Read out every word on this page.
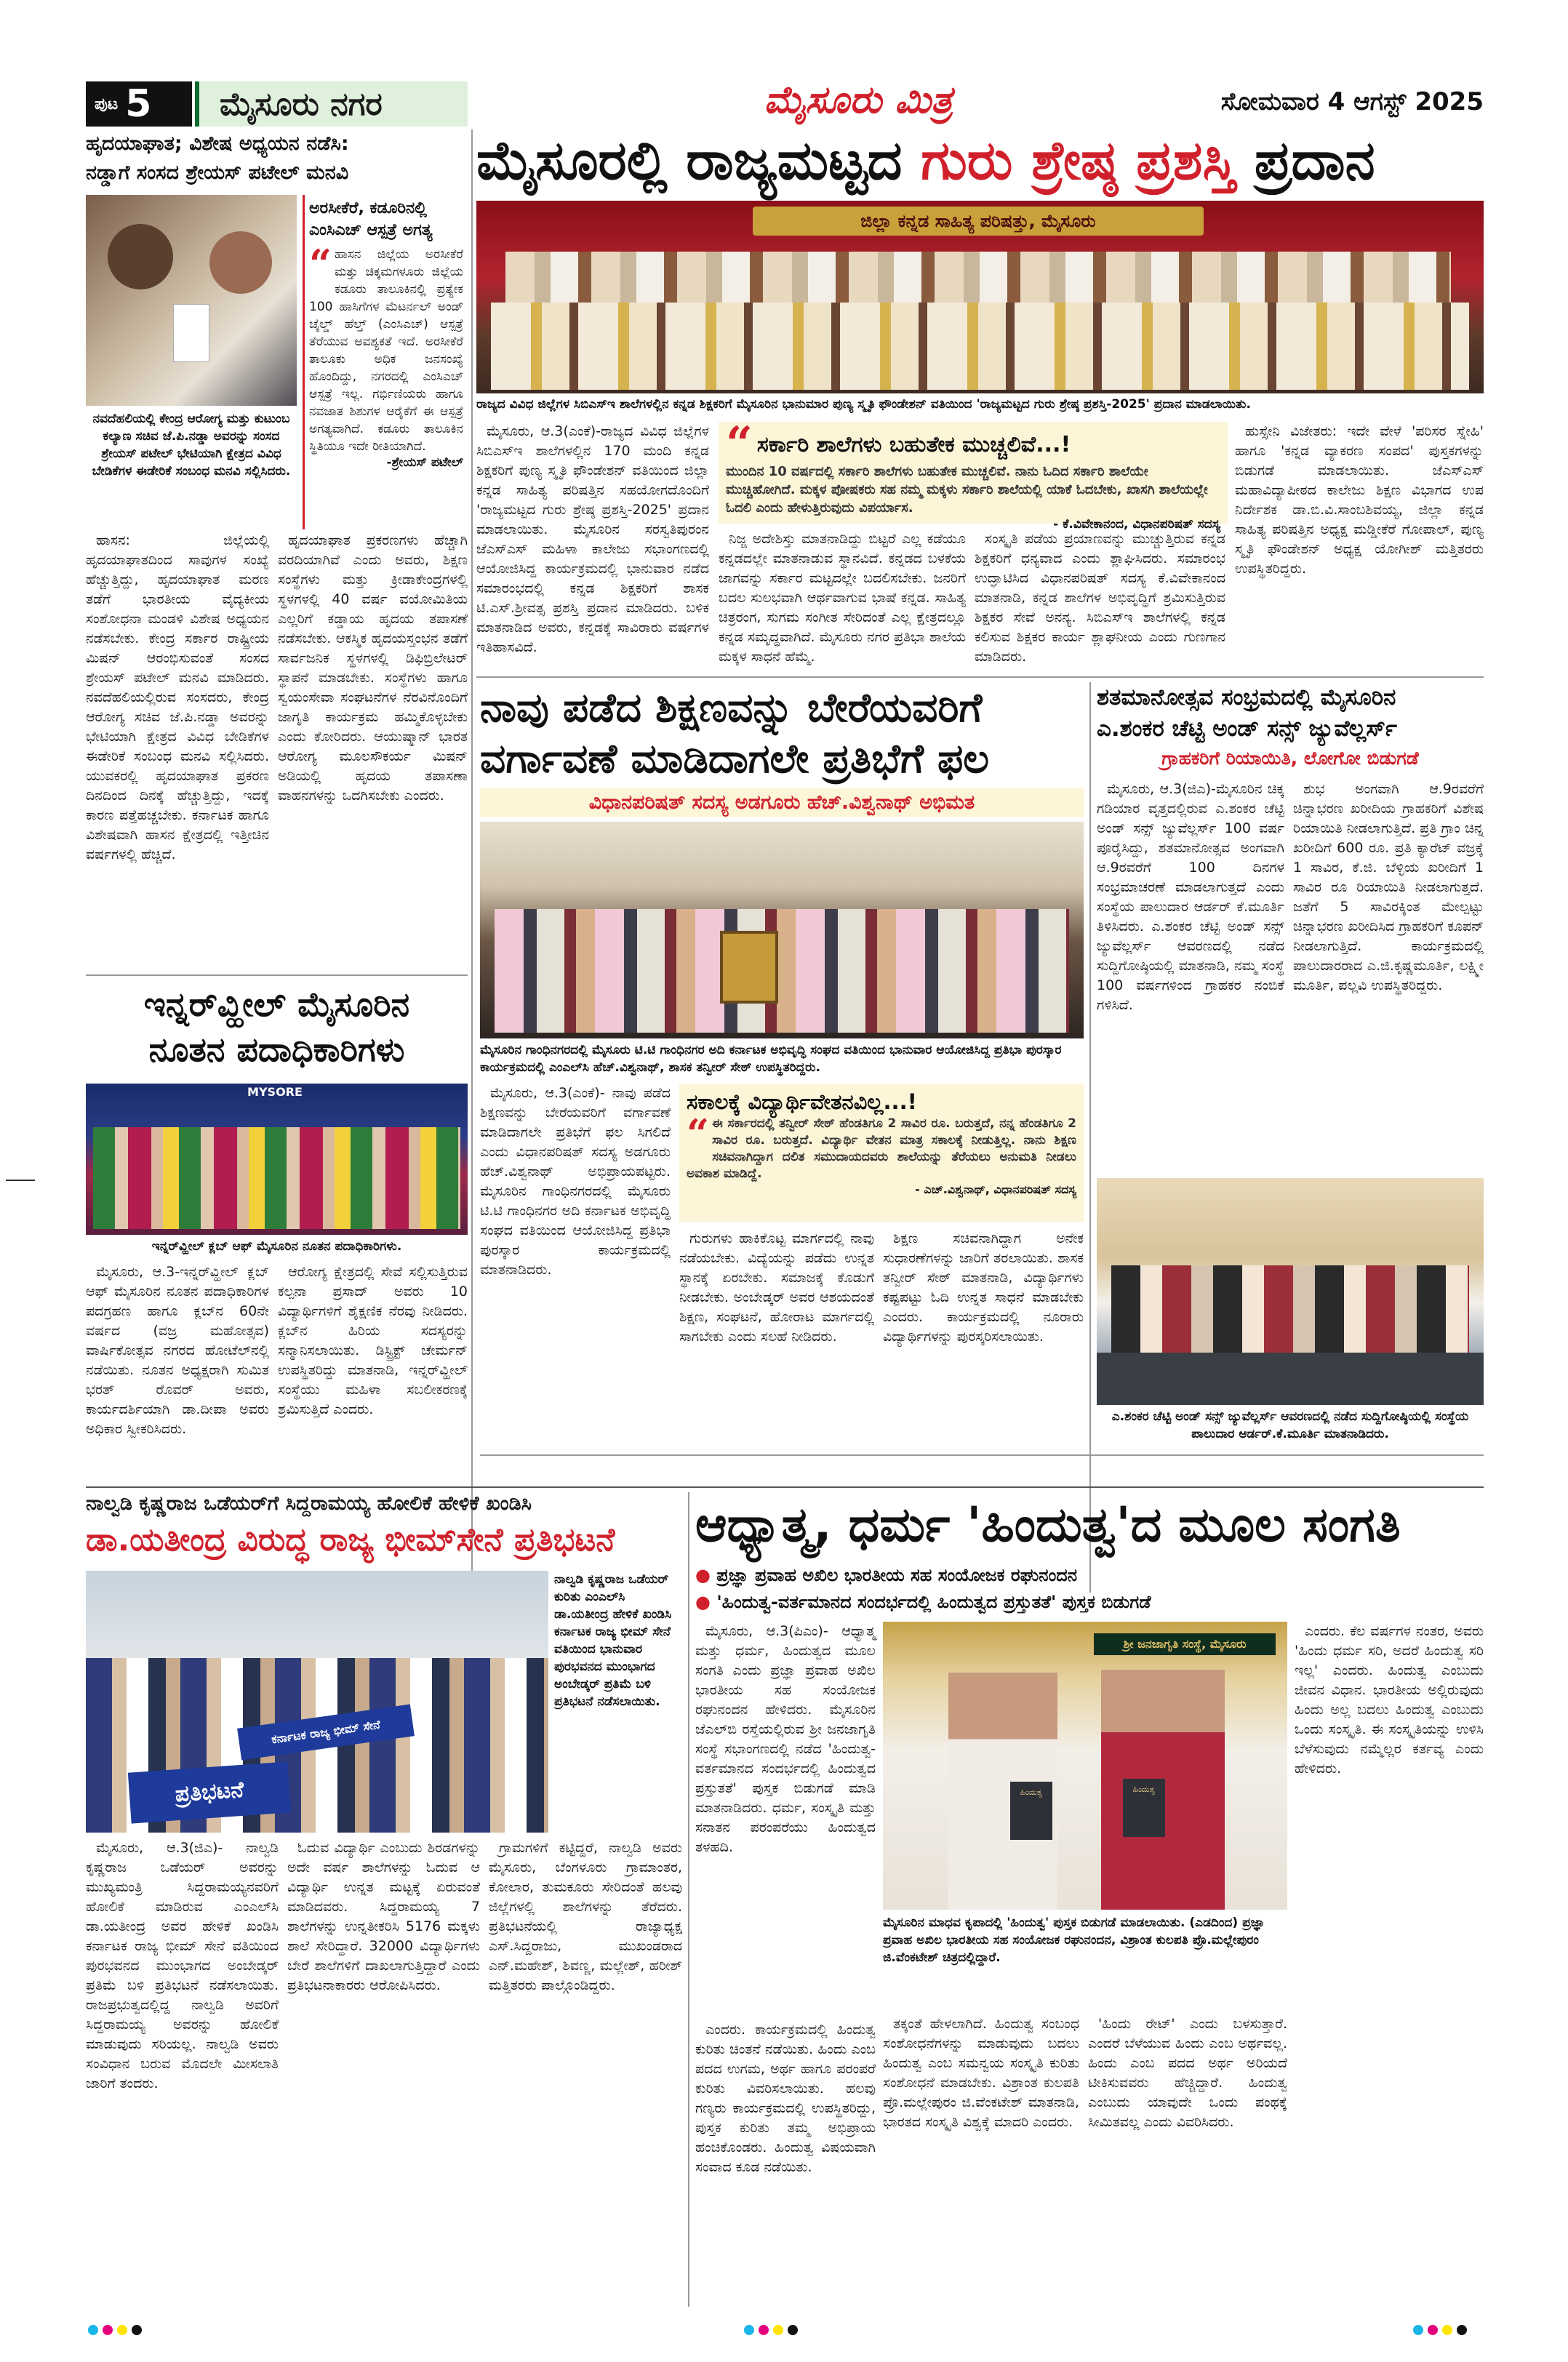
ಪುಟ 5 ಮೈಸೂರು ನಗರ	ಮೈಸೂರು ಮಿತ್ರ	ಸೋಮವಾರ 4 ಆಗಸ್ಟ್ 2025
ಮೈಸೂರಲ್ಲಿ ರಾಜ್ಯಮಟ್ಟದ ಗುರು ಶ್ರೇಷ್ಠ ಪ್ರಶಸ್ತಿ ಪ್ರದಾನ
ಜಿಲ್ಲಾ ಕನ್ನಡ ಸಾಹಿತ್ಯ ಪರಿಷತ್ತು, ಮೈಸೂರು
ರಾಜ್ಯದ ವಿವಿಧ ಜಿಲ್ಲೆಗಳ ಸಿಬಿಎಸ್‌ಇ ಶಾಲೆಗಳಲ್ಲಿನ ಕನ್ನಡ ಶಿಕ್ಷಕರಿಗೆ ಮೈಸೂರಿನ ಭಾನುಮಾರ ಪುಣ್ಯ ಸ್ಮೃತಿ ಫೌಂಡೇಶನ್ ವತಿಯಿಂದ 'ರಾಜ್ಯಮಟ್ಟದ ಗುರು ಶ್ರೇಷ್ಠ ಪ್ರಶಸ್ತಿ-2025' ಪ್ರದಾನ ಮಾಡಲಾಯಿತು.

ಮೈಸೂರು, ಆ.3(ಎಂಕೆ)-ರಾಜ್ಯದ ವಿವಿಧ ಜಿಲ್ಲೆಗಳ ಸಿಬಿಎಸ್‌ಇ ಶಾಲೆಗಳಲ್ಲಿನ 170 ಮಂದಿ ಕನ್ನಡ ಶಿಕ್ಷಕರಿಗೆ ಪುಣ್ಯ ಸ್ಮೃತಿ ಫೌಂಡೇಶನ್ ವತಿಯಿಂದ ಜಿಲ್ಲಾ ಕನ್ನಡ ಸಾಹಿತ್ಯ ಪರಿಷತ್ತಿನ ಸಹಯೋಗದೊಂದಿಗೆ 'ರಾಜ್ಯಮಟ್ಟದ ಗುರು ಶ್ರೇಷ್ಠ ಪ್ರಶಸ್ತಿ-2025' ಪ್ರದಾನ ಮಾಡಲಾಯಿತು. ಮೈಸೂರಿನ ಸರಸ್ವತಿಪುರಂನ ಜೆಎಸ್‌ಎಸ್ ಮಹಿಳಾ ಕಾಲೇಜು ಸಭಾಂಗಣದಲ್ಲಿ ಆಯೋಜಿಸಿದ್ದ ಕಾರ್ಯಕ್ರಮದಲ್ಲಿ ಭಾನುವಾರ ನಡೆದ ಸಮಾರಂಭದಲ್ಲಿ ಕನ್ನಡ ಶಿಕ್ಷಕರಿಗೆ ಶಾಸಕ ಟಿ.ಎಸ್.ಶ್ರೀವತ್ಸ ಪ್ರಶಸ್ತಿ ಪ್ರದಾನ ಮಾಡಿದರು. ಬಳಿಕ ಮಾತನಾಡಿದ ಅವರು, ಕನ್ನಡಕ್ಕೆ ಸಾವಿರಾರು ವರ್ಷಗಳ ಇತಿಹಾಸವಿದೆ.

“ ಸರ್ಕಾರಿ ಶಾಲೆಗಳು ಬಹುತೇಕ ಮುಚ್ಚಲಿವೆ...!
ಮುಂದಿನ 10 ವರ್ಷದಲ್ಲಿ ಸರ್ಕಾರಿ ಶಾಲೆಗಳು ಬಹುತೇಕ ಮುಚ್ಚಲಿವೆ. ನಾನು ಓದಿದ ಸರ್ಕಾರಿ ಶಾಲೆಯೇ ಮುಚ್ಚಿಹೋಗಿದೆ. ಮಕ್ಕಳ ಪೋಷಕರು ಸಹ ನಮ್ಮ ಮಕ್ಕಳು ಸರ್ಕಾರಿ ಶಾಲೆಯಲ್ಲಿ ಯಾಕೆ ಓದಬೇಕು, ಖಾಸಗಿ ಶಾಲೆಯಲ್ಲೇ ಓದಲಿ ಎಂದು ಹೇಳುತ್ತಿರುವುದು ವಿಪರ್ಯಾಸ.
- ಕೆ.ವಿವೇಕಾನಂದ, ವಿಧಾನಪರಿಷತ್ ಸದಸ್ಯ

ನಿಜ್ಜ ಅದೇಶಿಸ್ತು ಮಾತನಾಡಿದ್ದು ಬಿಟ್ಟರೆ ಎಲ್ಲ ಕಡೆಯೂ ಕನ್ನಡದಲ್ಲೇ ಮಾತನಾಡುವ ಸ್ಥಾನವಿದೆ. ಕನ್ನಡದ ಬಳಕೆಯ ಜಾಗವನ್ನು ಸರ್ಕಾರ ಮಟ್ಟದಲ್ಲೇ ಬದಲಿಸಬೇಕು. ಜನರಿಗೆ ಬದಲ ಸುಲಭವಾಗಿ ಆರ್ಥವಾಗುವ ಭಾಷೆ ಕನ್ನಡ. ಸಾಹಿತ್ಯ ಚಿತ್ರರಂಗ, ಸುಗಮ ಸಂಗೀತ ಸೇರಿದಂತೆ ಎಲ್ಲ ಕ್ಷೇತ್ರದಲ್ಲೂ ಕನ್ನಡ ಸಮೃದ್ಧವಾಗಿದೆ. ಮೈಸೂರು ನಗರ ಪ್ರತಿಭಾ ಶಾಲೆಯ ಮಕ್ಕಳ ಸಾಧನೆ ಹೆಮ್ಮೆ.

ಸಂಸ್ಕೃತಿ ಪಡೆಯ ಪ್ರಯಾಣವನ್ನು ಮುಚ್ಚುತ್ತಿರುವ ಕನ್ನಡ ಶಿಕ್ಷಕರಿಗೆ ಧನ್ಯವಾದ ಎಂದು ಶ್ಲಾಘಿಸಿದರು. ಸಮಾರಂಭ ಉದ್ಘಾಟಿಸಿದ ವಿಧಾನಪರಿಷತ್ ಸದಸ್ಯ ಕೆ.ವಿವೇಕಾನಂದ ಮಾತನಾಡಿ, ಕನ್ನಡ ಶಾಲೆಗಳ ಅಭಿವೃದ್ಧಿಗೆ ಶ್ರಮಿಸುತ್ತಿರುವ ಶಿಕ್ಷಕರ ಸೇವೆ ಅನನ್ಯ. ಸಿಬಿಎಸ್‌ಇ ಶಾಲೆಗಳಲ್ಲಿ ಕನ್ನಡ ಕಲಿಸುವ ಶಿಕ್ಷಕರ ಕಾರ್ಯ ಶ್ಲಾಘನೀಯ ಎಂದು ಗುಣಗಾನ ಮಾಡಿದರು.

ಹುಸ್ಸೇನಿ ವಿಜೇತರು: ಇದೇ ವೇಳೆ 'ಪರಿಸರ ಸ್ನೇಹಿ' ಹಾಗೂ 'ಕನ್ನಡ ವ್ಯಾಕರಣ ಸಂಪದ' ಪುಸ್ತಕಗಳನ್ನು ಬಿಡುಗಡೆ ಮಾಡಲಾಯಿತು. ಜೆಎಸ್‌ಎಸ್ ಮಹಾವಿದ್ಯಾಪೀಠದ ಕಾಲೇಜು ಶಿಕ್ಷಣ ವಿಭಾಗದ ಉಪ ನಿರ್ದೇಶಕ ಡಾ.ಬಿ.ವಿ.ಸಾಂಬಶಿವಯ್ಯ, ಜಿಲ್ಲಾ ಕನ್ನಡ ಸಾಹಿತ್ಯ ಪರಿಷತ್ತಿನ ಅಧ್ಯಕ್ಷ ಮಡ್ಡೀಕೆರೆ ಗೋಪಾಲ್, ಪುಣ್ಯ ಸ್ಮೃತಿ ಫೌಂಡೇಶನ್ ಅಧ್ಯಕ್ಷ ಯೋಗೀಶ್ ಮತ್ತಿತರರು ಉಪಸ್ಥಿತರಿದ್ದರು.

ಹೃದಯಾಘಾತ; ವಿಶೇಷ ಅಧ್ಯಯನ ನಡೆಸಿ:
ನಡ್ಡಾಗೆ ಸಂಸದ ಶ್ರೇಯಸ್ ಪಟೇಲ್ ಮನವಿ
ನವದೆಹಲಿಯಲ್ಲಿ ಕೇಂದ್ರ ಆರೋಗ್ಯ ಮತ್ತು ಕುಟುಂಬ ಕಲ್ಯಾಣ ಸಚಿವ ಜೆ.ಪಿ.ನಡ್ಡಾ ಅವರನ್ನು ಸಂಸದ ಶ್ರೇಯಸ್ ಪಟೇಲ್ ಭೇಟಿಯಾಗಿ ಕ್ಷೇತ್ರದ ವಿವಿಧ ಬೇಡಿಕೆಗಳ ಈಡೇರಿಕೆ ಸಂಬಂಧ ಮನವಿ ಸಲ್ಲಿಸಿದರು.
ಅರಸೀಕೆರೆ, ಕಡೂರಿನಲ್ಲಿ ಎಂಸಿಎಚ್ ಆಸ್ಪತ್ರೆ ಅಗತ್ಯ
“ ಹಾಸನ ಜಿಲ್ಲೆಯ ಅರಸೀಕೆರೆ ಮತ್ತು ಚಿಕ್ಕಮಗಳೂರು ಜಿಲ್ಲೆಯ ಕಡೂರು ತಾಲೂಕಿನಲ್ಲಿ ಪ್ರತ್ಯೇಕ 100 ಹಾಸಿಗೆಗಳ ಮೆಟರ್ನಲ್ ಅಂಡ್ ಚೈಲ್ಡ್ ಹೆಲ್ತ್ (ಎಂಸಿಎಚ್) ಆಸ್ಪತ್ರೆ ತೆರೆಯುವ ಅವಶ್ಯಕತೆ ಇದೆ. ಅರಸೀಕೆರೆ ತಾಲೂಕು ಅಧಿಕ ಜನಸಂಖ್ಯೆ ಹೊಂದಿದ್ದು, ನಗರದಲ್ಲಿ ಎಂಸಿಎಚ್ ಆಸ್ಪತ್ರೆ ಇಲ್ಲ. ಗರ್ಭಿಣಿಯರು ಹಾಗೂ ನವಜಾತ ಶಿಶುಗಳ ಆರೈಕೆಗೆ ಈ ಆಸ್ಪತ್ರೆ ಅಗತ್ಯವಾಗಿದೆ. ಕಡೂರು ತಾಲೂಕಿನ ಸ್ಥಿತಿಯೂ ಇದೇ ರೀತಿಯಾಗಿದೆ.
-ಶ್ರೇಯಸ್ ಪಟೇಲ್

ಹಾಸನ: ಜಿಲ್ಲೆಯಲ್ಲಿ ಹೃದಯಾಘಾತದಿಂದ ಸಾವುಗಳ ಸಂಖ್ಯೆ ಹೆಚ್ಚುತ್ತಿದ್ದು, ಹೃದಯಾಘಾತ ಮರಣ ತಡೆಗೆ ಭಾರತೀಯ ವೈದ್ಯಕೀಯ ಸಂಶೋಧನಾ ಮಂಡಳಿ ವಿಶೇಷ ಅಧ್ಯಯನ ನಡೆಸಬೇಕು. ಕೇಂದ್ರ ಸರ್ಕಾರ ರಾಷ್ಟ್ರೀಯ ಮಿಷನ್ ಆರಂಭಿಸುವಂತೆ ಸಂಸದ ಶ್ರೇಯಸ್ ಪಟೇಲ್ ಮನವಿ ಮಾಡಿದರು. ನವದೆಹಲಿಯಲ್ಲಿರುವ ಸಂಸದರು, ಕೇಂದ್ರ ಆರೋಗ್ಯ ಸಚಿವ ಜೆ.ಪಿ.ನಡ್ಡಾ ಅವರನ್ನು ಭೇಟಿಯಾಗಿ ಕ್ಷೇತ್ರದ ವಿವಿಧ ಬೇಡಿಕೆಗಳ ಈಡೇರಿಕೆ ಸಂಬಂಧ ಮನವಿ ಸಲ್ಲಿಸಿದರು. ಯುವಕರಲ್ಲಿ ಹೃದಯಾಘಾತ ಪ್ರಕರಣ ದಿನದಿಂದ ದಿನಕ್ಕೆ ಹೆಚ್ಚುತ್ತಿದ್ದು, ಇದಕ್ಕೆ ಕಾರಣ ಪತ್ತೆಹಚ್ಚಬೇಕು. ಕರ್ನಾಟಕ ಹಾಗೂ ವಿಶೇಷವಾಗಿ ಹಾಸನ ಕ್ಷೇತ್ರದಲ್ಲಿ ಇತ್ತೀಚಿನ ವರ್ಷಗಳಲ್ಲಿ ಹೆಚ್ಚಿದೆ.

ಹೃದಯಾಘಾತ ಪ್ರಕರಣಗಳು ಹೆಚ್ಚಾಗಿ ವರದಿಯಾಗಿವೆ ಎಂದು ಅವರು, ಶಿಕ್ಷಣ ಸಂಸ್ಥೆಗಳು ಮತ್ತು ಕ್ರೀಡಾಕೇಂದ್ರಗಳಲ್ಲಿ ಸ್ಥಳಗಳಲ್ಲಿ 40 ವರ್ಷ ವಯೋಮಿತಿಯ ಎಲ್ಲರಿಗೆ ಕಡ್ಡಾಯ ಹೃದಯ ತಪಾಸಣೆ ನಡೆಸಬೇಕು. ಆಕಸ್ಮಿಕ ಹೃದಯಸ್ತಂಭನ ತಡೆಗೆ ಸಾರ್ವಜನಿಕ ಸ್ಥಳಗಳಲ್ಲಿ ಡಿಫಿಬ್ರಿಲೇಟರ್ ಸ್ಥಾಪನೆ ಮಾಡಬೇಕು. ಸಂಸ್ಥೆಗಳು ಹಾಗೂ ಸ್ವಯಂಸೇವಾ ಸಂಘಟನೆಗಳ ನೆರವಿನೊಂದಿಗೆ ಜಾಗೃತಿ ಕಾರ್ಯಕ್ರಮ ಹಮ್ಮಿಕೊಳ್ಳಬೇಕು ಎಂದು ಕೋರಿದರು. ಆಯುಷ್ಮಾನ್ ಭಾರತ ಆರೋಗ್ಯ ಮೂಲಸೌಕರ್ಯ ಮಿಷನ್ ಅಡಿಯಲ್ಲಿ ಹೃದಯ ತಪಾಸಣಾ ವಾಹನಗಳನ್ನು ಒದಗಿಸಬೇಕು ಎಂದರು.

ಇನ್ನರ್‌ವ್ಹೀಲ್ ಮೈಸೂರಿನ
ನೂತನ ಪದಾಧಿಕಾರಿಗಳು
MYSORE
ಇನ್ನರ್‌ವ್ಹೀಲ್ ಕ್ಲಬ್ ಆಫ್ ಮೈಸೂರಿನ ನೂತನ ಪದಾಧಿಕಾರಿಗಳು.

ಮೈಸೂರು, ಆ.3-ಇನ್ನರ್‌ವ್ಹೀಲ್ ಕ್ಲಬ್ ಆಫ್ ಮೈಸೂರಿನ ನೂತನ ಪದಾಧಿಕಾರಿಗಳ ಪದಗ್ರಹಣ ಹಾಗೂ ಕ್ಲಬ್‌ನ 60ನೇ ವರ್ಷದ (ವಜ್ರ ಮಹೋತ್ಸವ) ವಾರ್ಷಿಕೋತ್ಸವ ನಗರದ ಹೋಟೆಲ್‌ನಲ್ಲಿ ನಡೆಯಿತು. ನೂತನ ಅಧ್ಯಕ್ಷರಾಗಿ ಸುಮಿತ ಭರತ್ ರೊವರ್ ಅವರು, ಕಾರ್ಯದರ್ಶಿಯಾಗಿ ಡಾ.ದೀಪಾ ಅವರು ಅಧಿಕಾರ ಸ್ವೀಕರಿಸಿದರು.

ಆರೋಗ್ಯ ಕ್ಷೇತ್ರದಲ್ಲಿ ಸೇವೆ ಸಲ್ಲಿಸುತ್ತಿರುವ ಕಲ್ಪನಾ ಪ್ರಸಾದ್ ಅವರು 10 ವಿದ್ಯಾರ್ಥಿಗಳಿಗೆ ಶೈಕ್ಷಣಿಕ ನೆರವು ನೀಡಿದರು. ಕ್ಲಬ್‌ನ ಹಿರಿಯ ಸದಸ್ಯರನ್ನು ಸನ್ಮಾನಿಸಲಾಯಿತು. ಡಿಸ್ಟ್ರಿಕ್ಟ್ ಚೇರ್ಮನ್ ಉಪಸ್ಥಿತರಿದ್ದು ಮಾತನಾಡಿ, ಇನ್ನರ್‌ವ್ಹೀಲ್ ಸಂಸ್ಥೆಯು ಮಹಿಳಾ ಸಬಲೀಕರಣಕ್ಕೆ ಶ್ರಮಿಸುತ್ತಿದೆ ಎಂದರು.

ನಾವು ಪಡೆದ ಶಿಕ್ಷಣವನ್ನು ಬೇರೆಯವರಿಗೆ
ವರ್ಗಾವಣೆ ಮಾಡಿದಾಗಲೇ ಪ್ರತಿಭೆಗೆ ಫಲ
ವಿಧಾನಪರಿಷತ್ ಸದಸ್ಯ ಅಡಗೂರು ಹೆಚ್.ವಿಶ್ವನಾಥ್ ಅಭಿಮತ
ಮೈಸೂರಿನ ಗಾಂಧಿನಗರದಲ್ಲಿ ಮೈಸೂರು ಟಿ.ಟಿ ಗಾಂಧಿನಗರ ಅದಿ ಕರ್ನಾಟಕ ಅಭಿವೃದ್ಧಿ ಸಂಘದ ವತಿಯಿಂದ ಭಾನುವಾರ ಆಯೋಜಿಸಿದ್ದ ಪ್ರತಿಭಾ ಪುರಸ್ಕಾರ ಕಾರ್ಯಕ್ರಮದಲ್ಲಿ ಎಂಎಲ್‌ಸಿ ಹೆಚ್.ವಿಶ್ವನಾಥ್, ಶಾಸಕ ತನ್ವೀರ್ ಸೇಠ್ ಉಪಸ್ಥಿತರಿದ್ದರು.

ಮೈಸೂರು, ಆ.3(ಎಂಕೆ)- ನಾವು ಪಡೆದ ಶಿಕ್ಷಣವನ್ನು ಬೇರೆಯವರಿಗೆ ವರ್ಗಾವಣೆ ಮಾಡಿದಾಗಲೇ ಪ್ರತಿಭೆಗೆ ಫಲ ಸಿಗಲಿದೆ ಎಂದು ವಿಧಾನಪರಿಷತ್ ಸದಸ್ಯ ಅಡಗೂರು ಹೆಚ್.ವಿಶ್ವನಾಥ್ ಅಭಿಪ್ರಾಯಪಟ್ಟರು. ಮೈಸೂರಿನ ಗಾಂಧಿನಗರದಲ್ಲಿ ಮೈಸೂರು ಟಿ.ಟಿ ಗಾಂಧಿನಗರ ಅದಿ ಕರ್ನಾಟಕ ಅಭಿವೃದ್ಧಿ ಸಂಘದ ವತಿಯಿಂದ ಆಯೋಜಿಸಿದ್ದ ಪ್ರತಿಭಾ ಪುರಸ್ಕಾರ ಕಾರ್ಯಕ್ರಮದಲ್ಲಿ ಮಾತನಾಡಿದರು.

ಸಕಾಲಕ್ಕೆ ವಿದ್ಯಾರ್ಥಿವೇತನವಿಲ್ಲ...!
“ ಈ ಸರ್ಕಾರದಲ್ಲಿ ತನ್ವೀರ್ ಸೇಠ್ ಹೆಂಡತಿಗೂ 2 ಸಾವಿರ ರೂ. ಬರುತ್ತದೆ, ನನ್ನ ಹೆಂಡತಿಗೂ 2 ಸಾವಿರ ರೂ. ಬರುತ್ತದೆ. ವಿದ್ಯಾರ್ಥಿ ವೇತನ ಮಾತ್ರ ಸಕಾಲಕ್ಕೆ ನೀಡುತ್ತಿಲ್ಲ. ನಾನು ಶಿಕ್ಷಣ ಸಚಿವನಾಗಿದ್ದಾಗ ದಲಿತ ಸಮುದಾಯದವರು ಶಾಲೆಯನ್ನು ತೆರೆಯಲು ಅನುಮತಿ ನೀಡಲು ಅವಕಾಶ ಮಾಡಿದ್ದೆ.
- ಎಚ್.ವಿಶ್ವನಾಥ್, ವಿಧಾನಪರಿಷತ್ ಸದಸ್ಯ

ಗುರುಗಳು ಹಾಕಿಕೊಟ್ಟ ಮಾರ್ಗದಲ್ಲಿ ನಾವು ನಡೆಯಬೇಕು. ವಿದ್ಯೆಯನ್ನು ಪಡೆದು ಉನ್ನತ ಸ್ಥಾನಕ್ಕೆ ಏರಬೇಕು. ಸಮಾಜಕ್ಕೆ ಕೊಡುಗೆ ನೀಡಬೇಕು. ಅಂಬೇಡ್ಕರ್ ಅವರ ಆಶಯದಂತೆ ಶಿಕ್ಷಣ, ಸಂಘಟನೆ, ಹೋರಾಟ ಮಾರ್ಗದಲ್ಲಿ ಸಾಗಬೇಕು ಎಂದು ಸಲಹೆ ನೀಡಿದರು.

ಶಿಕ್ಷಣ ಸಚಿವನಾಗಿದ್ದಾಗ ಅನೇಕ ಸುಧಾರಣೆಗಳನ್ನು ಜಾರಿಗೆ ತರಲಾಯಿತು. ಶಾಸಕ ತನ್ವೀರ್ ಸೇಠ್ ಮಾತನಾಡಿ, ವಿದ್ಯಾರ್ಥಿಗಳು ಕಷ್ಟಪಟ್ಟು ಓದಿ ಉನ್ನತ ಸಾಧನೆ ಮಾಡಬೇಕು ಎಂದರು. ಕಾರ್ಯಕ್ರಮದಲ್ಲಿ ನೂರಾರು ವಿದ್ಯಾರ್ಥಿಗಳನ್ನು ಪುರಸ್ಕರಿಸಲಾಯಿತು.

ಶತಮಾನೋತ್ಸವ ಸಂಭ್ರಮದಲ್ಲಿ ಮೈಸೂರಿನ
ಎ.ಶಂಕರ ಚೆಟ್ಟಿ ಅಂಡ್ ಸನ್ಸ್ ಜ್ಯುವೆಲ್ಲರ್ಸ್
ಗ್ರಾಹಕರಿಗೆ ರಿಯಾಯಿತಿ, ಲೋಗೋ ಬಿಡುಗಡೆ

ಮೈಸೂರು, ಆ.3(ಜಿಎ)-ಮೈಸೂರಿನ ಚಿಕ್ಕ ಗಡಿಯಾರ ವೃತ್ತದಲ್ಲಿರುವ ಎ.ಶಂಕರ ಚೆಟ್ಟಿ ಅಂಡ್ ಸನ್ಸ್ ಜ್ಯುವೆಲ್ಲರ್ಸ್ 100 ವರ್ಷ ಪೂರೈಸಿದ್ದು, ಶತಮಾನೋತ್ಸವ ಅಂಗವಾಗಿ ಆ.9ರವರೆಗೆ 100 ದಿನಗಳ ಸಂಭ್ರಮಾಚರಣೆ ಮಾಡಲಾಗುತ್ತದೆ ಎಂದು ಸಂಸ್ಥೆಯ ಪಾಲುದಾರ ಆರ್ಡರ್ ಕೆ.ಮೂರ್ತಿ ತಿಳಿಸಿದರು. ಎ.ಶಂಕರ ಚೆಟ್ಟಿ ಅಂಡ್ ಸನ್ಸ್ ಜ್ಯುವೆಲ್ಲರ್ಸ್ ಆವರಣದಲ್ಲಿ ನಡೆದ ಸುದ್ದಿಗೋಷ್ಠಿಯಲ್ಲಿ ಮಾತನಾಡಿ, ನಮ್ಮ ಸಂಸ್ಥೆ 100 ವರ್ಷಗಳಿಂದ ಗ್ರಾಹಕರ ನಂಬಿಕೆ ಗಳಿಸಿದೆ.

ಶುಭ ಅಂಗವಾಗಿ ಆ.9ರವರೆಗೆ ಚಿನ್ನಾಭರಣ ಖರೀದಿಯ ಗ್ರಾಹಕರಿಗೆ ವಿಶೇಷ ರಿಯಾಯಿತಿ ನೀಡಲಾಗುತ್ತಿದೆ. ಪ್ರತಿ ಗ್ರಾಂ ಚಿನ್ನ ಖರೀದಿಗೆ 600 ರೂ. ಪ್ರತಿ ಕ್ಯಾರೆಟ್ ವಜ್ರಕ್ಕೆ 1 ಸಾವಿರ, ಕೆ.ಜಿ. ಬೆಳ್ಳಿಯ ಖರೀದಿಗೆ 1 ಸಾವಿರ ರೂ ರಿಯಾಯಿತಿ ನೀಡಲಾಗುತ್ತದೆ. ಜತೆಗೆ 5 ಸಾವಿರಕ್ಕಿಂತ ಮೇಲ್ಪಟ್ಟು ಚಿನ್ನಾಭರಣ ಖರೀದಿಸಿದ ಗ್ರಾಹಕರಿಗೆ ಕೂಪನ್ ನೀಡಲಾಗುತ್ತಿದೆ. ಕಾರ್ಯಕ್ರಮದಲ್ಲಿ ಪಾಲುದಾರರಾದ ಎ.ಜಿ.ಕೃಷ್ಣಮೂರ್ತಿ, ಲಕ್ಷ್ಮೀ ಮೂರ್ತಿ, ಪಲ್ಲವಿ ಉಪಸ್ಥಿತರಿದ್ದರು.

ಎ.ಶಂಕರ ಚೆಟ್ಟಿ ಅಂಡ್ ಸನ್ಸ್ ಜ್ಯುವೆಲ್ಲರ್ಸ್ ಆವರಣದಲ್ಲಿ ನಡೆದ ಸುದ್ದಿಗೋಷ್ಠಿಯಲ್ಲಿ ಸಂಸ್ಥೆಯ ಪಾಲುದಾರ ಆರ್ಡರ್.ಕೆ.ಮೂರ್ತಿ ಮಾತನಾಡಿದರು.
ನಾಲ್ವಡಿ ಕೃಷ್ಣರಾಜ ಒಡೆಯರ್‌ಗೆ ಸಿದ್ದರಾಮಯ್ಯ ಹೋಲಿಕೆ ಹೇಳಿಕೆ ಖಂಡಿಸಿ
ಡಾ.ಯತೀಂದ್ರ ವಿರುದ್ಧ ರಾಜ್ಯ ಭೀಮ್‌ಸೇನೆ ಪ್ರತಿಭಟನೆ
ಪ್ರತಿಭಟನೆ
ಕರ್ನಾಟಕ ರಾಜ್ಯ ಭೀಮ್ ಸೇನೆ
ನಾಲ್ವಡಿ ಕೃಷ್ಣರಾಜ ಒಡೆಯರ್ ಕುರಿತು ಎಂಎಲ್‌ಸಿ ಡಾ.ಯತೀಂದ್ರ ಹೇಳಿಕೆ ಖಂಡಿಸಿ ಕರ್ನಾಟಕ ರಾಜ್ಯ ಭೀಮ್ ಸೇನೆ ವತಿಯಿಂದ ಭಾನುವಾರ ಪುರಭವನದ ಮುಂಭಾಗದ ಅಂಬೇಡ್ಕರ್ ಪ್ರತಿಮೆ ಬಳಿ ಪ್ರತಿಭಟನೆ ನಡೆಸಲಾಯಿತು.

ಮೈಸೂರು, ಆ.3(ಜಿಎ)- ನಾಲ್ವಡಿ ಕೃಷ್ಣರಾಜ ಒಡೆಯರ್ ಅವರನ್ನು ಮುಖ್ಯಮಂತ್ರಿ ಸಿದ್ದರಾಮಯ್ಯನವರಿಗೆ ಹೋಲಿಕೆ ಮಾಡಿರುವ ಎಂಎಲ್‌ಸಿ ಡಾ.ಯತೀಂದ್ರ ಅವರ ಹೇಳಿಕೆ ಖಂಡಿಸಿ ಕರ್ನಾಟಕ ರಾಜ್ಯ ಭೀಮ್ ಸೇನೆ ವತಿಯಿಂದ ಪುರಭವನದ ಮುಂಭಾಗದ ಅಂಬೇಡ್ಕರ್ ಪ್ರತಿಮೆ ಬಳಿ ಪ್ರತಿಭಟನೆ ನಡೆಸಲಾಯಿತು. ರಾಜಪ್ರಭುತ್ವದಲ್ಲಿದ್ದ ನಾಲ್ವಡಿ ಅವರಿಗೆ ಸಿದ್ದರಾಮಯ್ಯ ಅವರನ್ನು ಹೋಲಿಕೆ ಮಾಡುವುದು ಸರಿಯಲ್ಲ. ನಾಲ್ವಡಿ ಅವರು ಸಂವಿಧಾನ ಬರುವ ಮೊದಲೇ ಮೀಸಲಾತಿ ಜಾರಿಗೆ ತಂದರು.

ಓದುವ ವಿದ್ಯಾರ್ಥಿ ಎಂಬುದು ಶಿರಡಗಳನ್ನು ಅದೇ ವರ್ಷ ಶಾಲೆಗಳನ್ನು ಓದುವ ಆ ವಿದ್ಯಾರ್ಥಿ ಉನ್ನತ ಮಟ್ಟಕ್ಕೆ ಏರುವಂತೆ ಮಾಡಿದವರು. ಸಿದ್ದರಾಮಯ್ಯ 7 ಶಾಲೆಗಳನ್ನು ಉನ್ನತೀಕರಿಸಿ 5176 ಮಕ್ಕಳು ಶಾಲೆ ಸೇರಿದ್ದಾರೆ. 32000 ವಿದ್ಯಾರ್ಥಿಗಳು ಬೇರೆ ಶಾಲೆಗಳಿಗೆ ದಾಖಲಾಗುತ್ತಿದ್ದಾರೆ ಎಂದು ಪ್ರತಿಭಟನಾಕಾರರು ಆರೋಪಿಸಿದರು.

ಗ್ರಾಮಗಳಿಗೆ ಕಟ್ಟಿದ್ದರೆ, ನಾಲ್ವಡಿ ಅವರು ಮೈಸೂರು, ಬೆಂಗಳೂರು ಗ್ರಾಮಾಂತರ, ಕೋಲಾರ, ತುಮಕೂರು ಸೇರಿದಂತೆ ಹಲವು ಜಿಲ್ಲೆಗಳಲ್ಲಿ ಶಾಲೆಗಳನ್ನು ತೆರೆದರು. ಪ್ರತಿಭಟನೆಯಲ್ಲಿ ರಾಜ್ಯಾಧ್ಯಕ್ಷ ಎಸ್.ಸಿದ್ದರಾಜು, ಮುಖಂಡರಾದ ಎನ್.ಮಹೇಶ್, ಶಿವಣ್ಣ, ಮಲ್ಲೇಶ್, ಹರೀಶ್ ಮತ್ತಿತರರು ಪಾಲ್ಗೊಂಡಿದ್ದರು.

ಆಧ್ಯಾತ್ಮ, ಧರ್ಮ 'ಹಿಂದುತ್ವ'ದ ಮೂಲ ಸಂಗತಿ
● ಪ್ರಜ್ಞಾ ಪ್ರವಾಹ ಅಖಿಲ ಭಾರತೀಯ ಸಹ ಸಂಯೋಜಕ ರಘುನಂದನ
● 'ಹಿಂದುತ್ವ-ವರ್ತಮಾನದ ಸಂದರ್ಭದಲ್ಲಿ ಹಿಂದುತ್ವದ ಪ್ರಸ್ತುತತೆ' ಪುಸ್ತಕ ಬಿಡುಗಡೆ

ಮೈಸೂರು, ಆ.3(ಪಿಎಂ)- ಆಧ್ಯಾತ್ಮ ಮತ್ತು ಧರ್ಮ, ಹಿಂದುತ್ವದ ಮೂಲ ಸಂಗತಿ ಎಂದು ಪ್ರಜ್ಞಾ ಪ್ರವಾಹ ಅಖಿಲ ಭಾರತೀಯ ಸಹ ಸಂಯೋಜಕ ರಘುನಂದನ ಹೇಳಿದರು. ಮೈಸೂರಿನ ಜೆಎಲ್‌ಬಿ ರಸ್ತೆಯಲ್ಲಿರುವ ಶ್ರೀ ಜನಜಾಗೃತಿ ಸಂಸ್ಥೆ ಸಭಾಂಗಣದಲ್ಲಿ ನಡೆದ 'ಹಿಂದುತ್ವ-ವರ್ತಮಾನದ ಸಂದರ್ಭದಲ್ಲಿ ಹಿಂದುತ್ವದ ಪ್ರಸ್ತುತತೆ' ಪುಸ್ತಕ ಬಿಡುಗಡೆ ಮಾಡಿ ಮಾತನಾಡಿದರು. ಧರ್ಮ, ಸಂಸ್ಕೃತಿ ಮತ್ತು ಸನಾತನ ಪರಂಪರೆಯು ಹಿಂದುತ್ವದ ತಳಹದಿ.

ಶ್ರೀ ಜನಜಾಗೃತಿ ಸಂಸ್ಥೆ, ಮೈಸೂರು
ಹಿಂದುತ್ವ	ಹಿಂದುತ್ವ
ಮೈಸೂರಿನ ಮಾಧವ ಕೃಪಾದಲ್ಲಿ 'ಹಿಂದುತ್ವ' ಪುಸ್ತಕ ಬಿಡುಗಡೆ ಮಾಡಲಾಯಿತು. (ಎಡದಿಂದ) ಪ್ರಜ್ಞಾ ಪ್ರವಾಹ ಅಖಿಲ ಭಾರತೀಯ ಸಹ ಸಂಯೋಜಕ ರಘುನಂದನ, ವಿಶ್ರಾಂತ ಕುಲಪತಿ ಪ್ರೊ.ಮಲ್ಲೇಪುರಂ ಜಿ.ವೆಂಕಟೇಶ್ ಚಿತ್ರದಲ್ಲಿದ್ದಾರೆ.

ಎಂದರು. ಕೆಲ ವರ್ಷಗಳ ನಂತರ, ಅವರು 'ಹಿಂದು ಧರ್ಮ ಸರಿ, ಅದರೆ ಹಿಂದುತ್ವ ಸರಿ ಇಲ್ಲ' ಎಂದರು. ಹಿಂದುತ್ವ ಎಂಬುದು ಜೀವನ ವಿಧಾನ. ಭಾರತೀಯ ಅಲ್ಲಿರುವುದು ಹಿಂದು ಅಲ್ಲ ಬದಲು ಹಿಂದುತ್ವ ಎಂಬುದು ಒಂದು ಸಂಸ್ಕೃತಿ. ಈ ಸಂಸ್ಕೃತಿಯನ್ನು ಉಳಿಸಿ ಬೆಳೆಸುವುದು ನಮ್ಮೆಲ್ಲರ ಕರ್ತವ್ಯ ಎಂದು ಹೇಳಿದರು.

ಎಂದರು. ಕಾರ್ಯಕ್ರಮದಲ್ಲಿ ಹಿಂದುತ್ವ ಕುರಿತು ಚಿಂತನೆ ನಡೆಯಿತು. ಹಿಂದು ಎಂಬ ಪದದ ಉಗಮ, ಅರ್ಥ ಹಾಗೂ ಪರಂಪರೆ ಕುರಿತು ವಿವರಿಸಲಾಯಿತು. ಹಲವು ಗಣ್ಯರು ಕಾರ್ಯಕ್ರಮದಲ್ಲಿ ಉಪಸ್ಥಿತರಿದ್ದು, ಪುಸ್ತಕ ಕುರಿತು ತಮ್ಮ ಅಭಿಪ್ರಾಯ ಹಂಚಿಕೊಂಡರು. ಹಿಂದುತ್ವ ವಿಷಯವಾಗಿ ಸಂವಾದ ಕೂಡ ನಡೆಯಿತು.

ತಕ್ಕಂತೆ ಹೇಳಲಾಗಿದೆ. ಹಿಂದುತ್ವ ಸಂಬಂಧ ಸಂಶೋಧನೆಗಳನ್ನು ಮಾಡುವುದು ಬದಲು ಹಿಂದುತ್ವ ಎಂಬ ಸಮನ್ವಯ ಸಂಸ್ಕೃತಿ ಕುರಿತು ಸಂಶೋಧನೆ ಮಾಡಬೇಕು. ವಿಶ್ರಾಂತ ಕುಲಪತಿ ಪ್ರೊ.ಮಲ್ಲೇಪುರಂ ಜಿ.ವೆಂಕಟೇಶ್ ಮಾತನಾಡಿ, ಭಾರತದ ಸಂಸ್ಕೃತಿ ವಿಶ್ವಕ್ಕೆ ಮಾದರಿ ಎಂದರು.

'ಹಿಂದು ರೇಟ್' ಎಂದು ಬಳಸುತ್ತಾರೆ. ಎಂದರೆ ಬೆಳೆಯುವ ಹಿಂದು ಎಂಬ ಅರ್ಥವಲ್ಲ. ಹಿಂದು ಎಂಬ ಪದದ ಅರ್ಥ ಅರಿಯದೆ ಟೀಕಿಸುವವರು ಹೆಚ್ಚಿದ್ದಾರೆ. ಹಿಂದುತ್ವ ಎಂಬುದು ಯಾವುದೇ ಒಂದು ಪಂಥಕ್ಕೆ ಸೀಮಿತವಲ್ಲ ಎಂದು ವಿವರಿಸಿದರು.
